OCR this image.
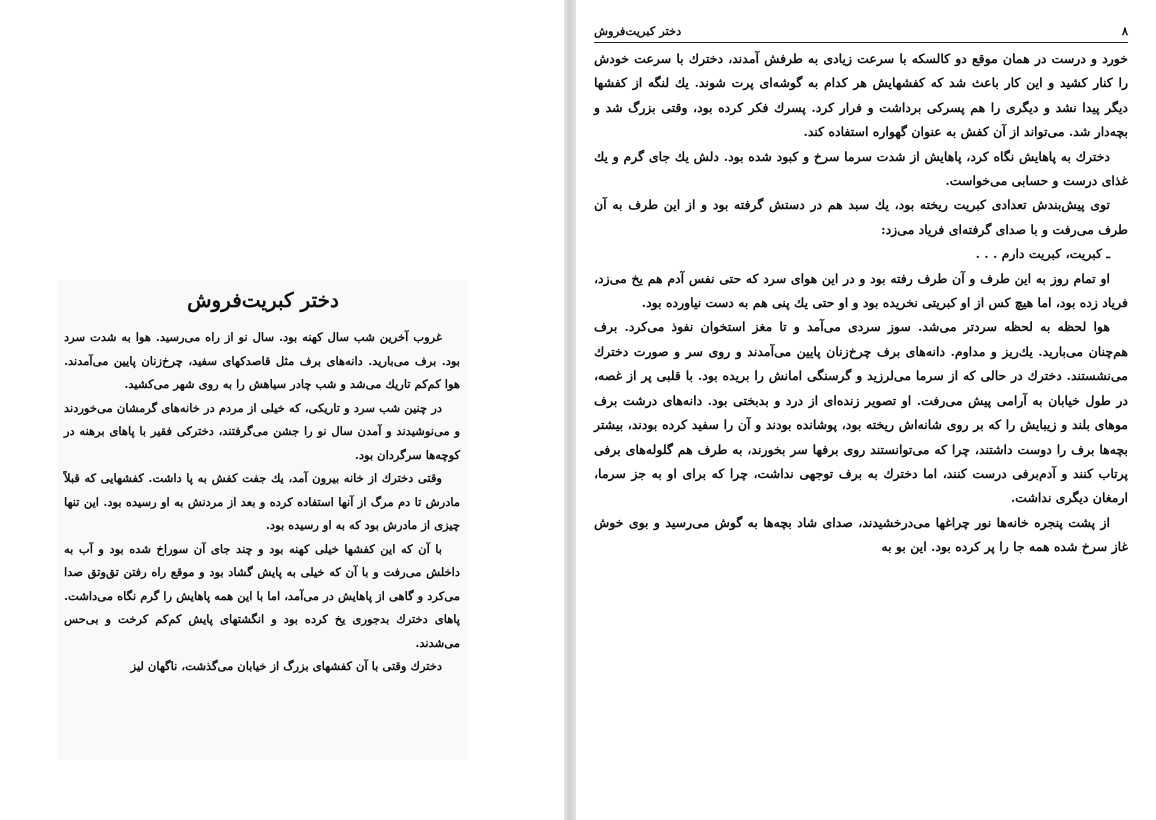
دختر کبریت‌فروش

غروب آخرین شب سال کهنه بود. سال نو از راه می‌رسید. هوا به شدت سرد بود. برف می‌بارید. دانه‌های برف مثل قاصدکهای سفید، چرخ‌زنان پایین می‌آمدند. هوا کم‌کم تاریك می‌شد و شب چادر سیاهش را به روی شهر می‌کشید.

در چنین شب سرد و تاریکی، که خیلی از مردم در خانه‌های گرمشان می‌خوردند و می‌نوشیدند و آمدن سال نو را جشن می‌گرفتند، دخترکی فقیر با پاهای برهنه در کوچه‌ها سرگردان بود.

وقتی دخترك از خانه بیرون آمد، یك جفت کفش به پا داشت. کفشهایی که قبلاً مادرش تا دم مرگ از آنها استفاده کرده و بعد از مردنش به او رسیده بود. این تنها چیزی از مادرش بود که به او رسیده بود.

با آن که این کفشها خیلی کهنه بود و چند جای آن سوراخ شده بود و آب به داخلش می‌رفت و با آن که خیلی به پایش گشاد بود و موقع راه رفتن تق‌وتق صدا می‌کرد و گاهی از پاهایش در می‌آمد، اما با این همه پاهایش را گرم نگاه می‌داشت. پاهای دخترك بدجوری یخ کرده بود و انگشتهای پایش کم‌کم کرخت و بی‌حس می‌شدند.

دخترك وقتی با آن کفشهای بزرگ از خیابان می‌گذشت، ناگهان لیز

۸
دختر کبریت‌فروش

خورد و درست در همان موقع دو کالسکه با سرعت زیادی به طرفش آمدند، دخترك با سرعت خودش را کنار کشید و این کار باعث شد که کفشهایش هر کدام به گوشه‌ای پرت شوند. یك لنگه از کفشها دیگر پیدا نشد و دیگری را هم پسرکی برداشت و فرار کرد. پسرك فکر کرده بود، وقتی بزرگ شد و بچه‌دار شد. می‌تواند از آن کفش به عنوان گهواره استفاده کند.

دخترك به پاهایش نگاه کرد، پاهایش از شدت سرما سرخ و کبود شده بود. دلش یك جای گرم و یك غذای درست و حسابی می‌خواست.

توی پیش‌بندش تعدادی کبریت ریخته بود، یك سبد هم در دستش گرفته بود و از این طرف به آن طرف می‌رفت و با صدای گرفته‌ای فریاد می‌زد:

ـ کبریت، کبریت دارم . . .

او تمام روز به این طرف و آن طرف رفته بود و در این هوای سرد که حتی نفس آدم هم یخ می‌زد، فریاد زده بود، اما هیچ کس از او کبریتی نخریده بود و او حتی یك پنی هم به دست نیاورده بود.

هوا لحظه به لحظه سردتر می‌شد. سوز سردی می‌آمد و تا مغز استخوان نفوذ می‌کرد. برف هم‌چنان می‌بارید. یك‌ریز و مداوم. دانه‌های برف چرخ‌زنان پایین می‌آمدند و روی سر و صورت دخترك می‌نشستند. دخترك در حالی که از سرما می‌لرزید و گرسنگی امانش را بریده بود. با قلبی پر از غصه، در طول خیابان به آرامی پیش می‌رفت. او تصویر زنده‌ای از درد و بدبختی بود. دانه‌های درشت برف موهای بلند و زیبایش را که بر روی شانه‌اش ریخته بود، پوشانده بودند و آن را سفید کرده بودند، بیشتر بچه‌ها برف را دوست داشتند، چرا که می‌توانستند روی برفها سر بخورند، به طرف هم گلوله‌های برفی پرتاب کنند و آدم‌برفی درست کنند، اما دخترك به برف توجهی نداشت، چرا که برای او به جز سرما، ارمغان دیگری نداشت.

از پشت پنجره خانه‌ها نور چراغها می‌درخشیدند، صدای شاد بچه‌ها به گوش می‌رسید و بوی خوش غاز سرخ شده همه جا را پر کرده بود. این بو به
